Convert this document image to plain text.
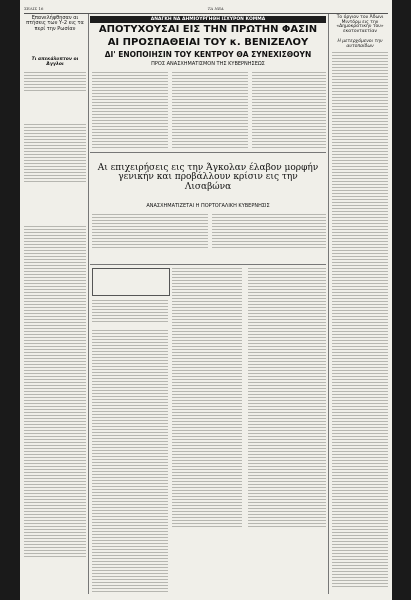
ΣΕΛΙΣ 16	ΤΑ ΝΕΑ
ΑΝΑΓΚΗ ΝΑ ΔΗΜΙΟΥΡΓΗΘΗ ΙΣΧΥΡΟΝ ΚΟΜΜΑ
ΑΠΟΤΥΧΟΥΣΑΙ ΕΙΣ ΤΗΝ ΠΡΩΤΗΝ ΦΑΣΙΝ
ΑΙ ΠΡΟΣΠΑΘΕΙΑΙ ΤΟΥ κ. ΒΕΝΙΖΕΛΟΥ
ΔΙ' ΕΝΟΠΟΙΗΣΙΝ ΤΟΥ ΚΕΝΤΡΟΥ ΘΑ ΣΥΝΕΧΙΣΘΟΥΝ
ΠΡΟΣ ΑΝΑΣΧΗΜΑΤΙΣΜΟΝ ΤΗΣ ΚΥΒΕΡΝΗΣΕΩΣ
Επανελήφθησαν αι πτήσεις των Υ-2 εις τα περί την Ρωσίαν
Τι απεκάλυπτον οι Άγγλοι
Αι επιχειρήσεις εις την Άγκολαν έλαβον μορφήν γενικήν και προβάλλουν κρίσιν εις την Λισαβώνα
ΑΝΑΣΧΗΜΑΤΙΖΕΤΑΙ Η ΠΟΡΤΟΓΑΛΙΚΗ ΚΥΒΕΡΝΗΣΙΣ
Το όργιον του Άδωνι Μιντόρμ εις την «Δημοκρατικήν του» εκατονταετίαν
Η μετερχόμενοι την αυτοπαίδων
